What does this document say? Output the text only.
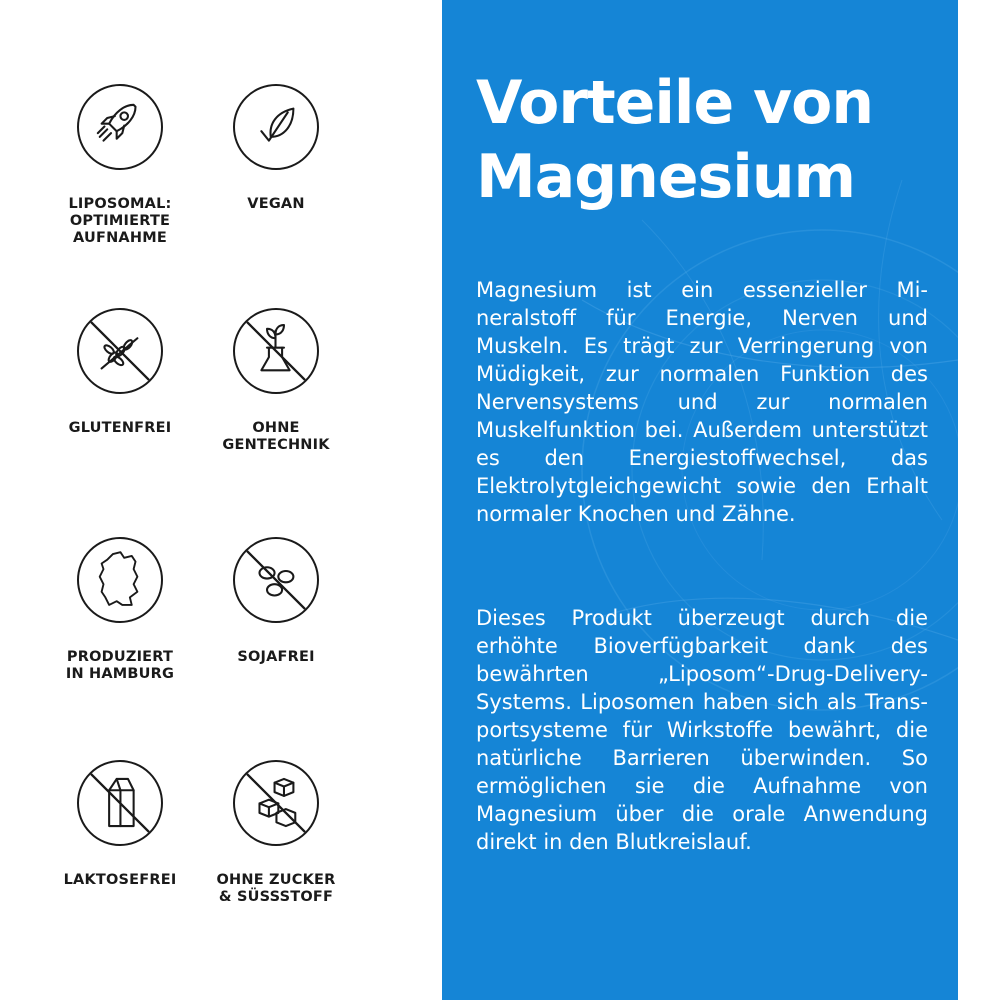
LIPOSOMAL:
OPTIMIERTE
AUFNAHME
VEGAN
GLUTENFREI	OHNE
GENTECHNIK
PRODUZIERT
IN HAMBURG
SOJAFREI
LAKTOSEFREI	OHNE ZUCKER
& SÜSSSTOFF
Vorteile von Magnesium

Magnesium ist ein essenzieller Mineralstoff für Energie, Nerven und Muskeln. Es trägt zur Verringerung von Müdigkeit, zur normalen Funktion des Nervensystems und zur normalen Muskelfunktion bei. Außerdem unterstützt es den Energiestoffwechsel, das Elektrolytgleichgewicht sowie den Erhalt normaler Knochen und Zähne.

Dieses Produkt überzeugt durch die erhöhte Bioverfügbarkeit dank des bewährten „Liposom“-Drug-Delivery-Systems. Liposomen haben sich als Transportsysteme für Wirkstoffe bewährt, die natürliche Barrieren überwinden. So ermöglichen sie die Aufnahme von Magnesium über die orale Anwendung direkt in den Blutkreislauf.
